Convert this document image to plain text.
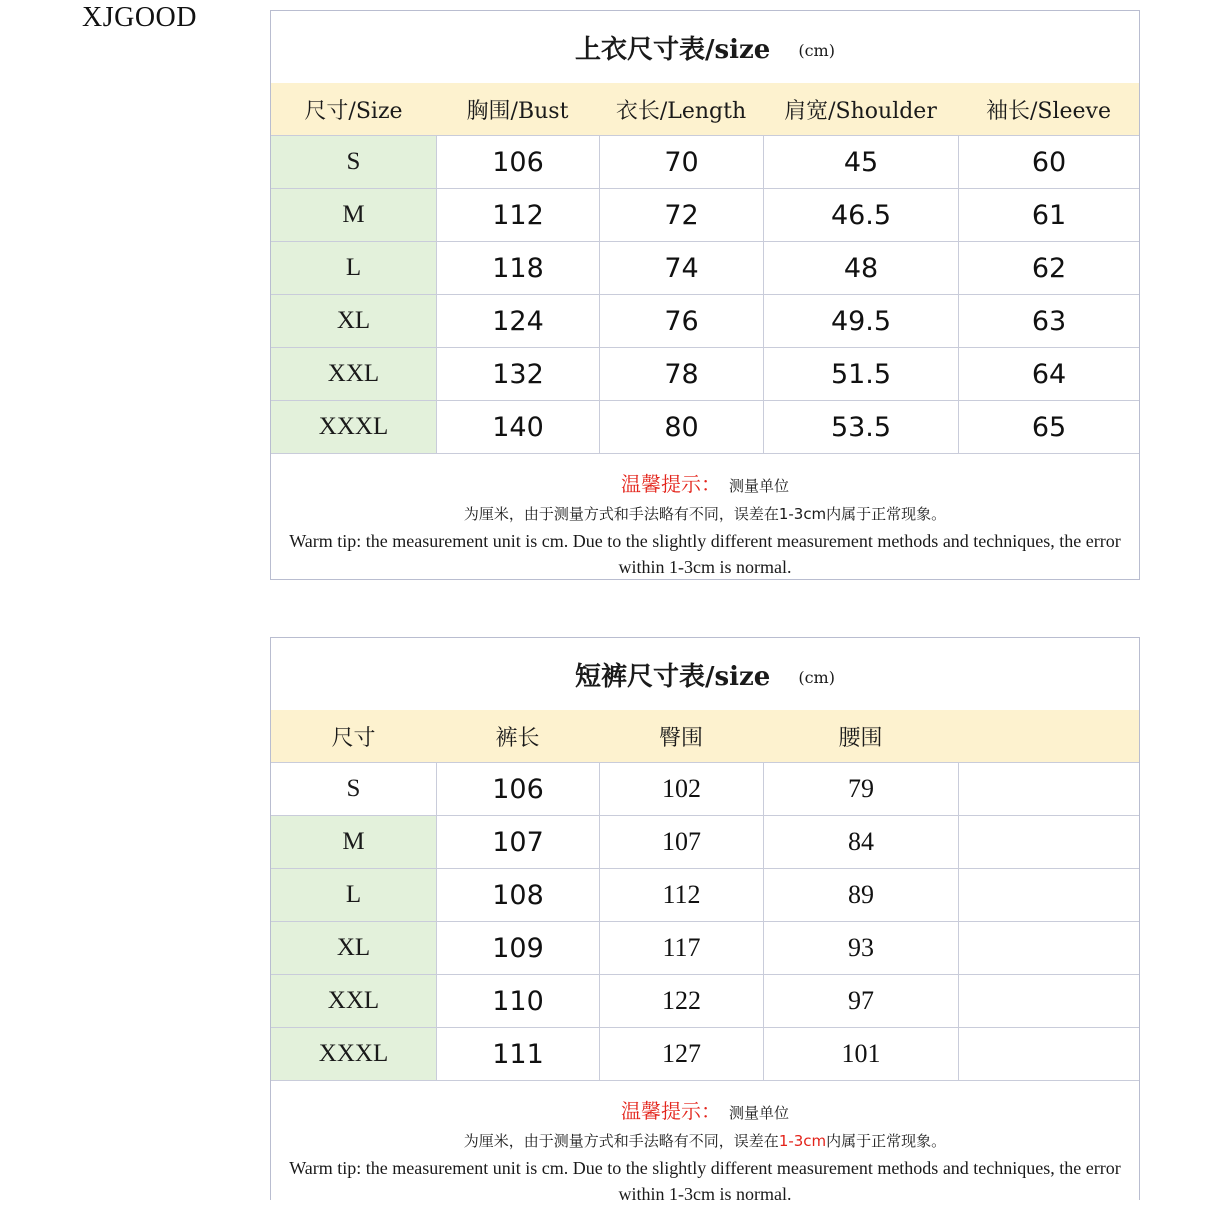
XJGOOD
上衣尺寸表/size (cm)
尺寸/Size	胸围/Bust	衣长/Length	肩宽/Shoulder	袖长/Sleeve
S	106	70	45	60
M	112	72	46.5	61
L	118	74	48	62
XL	124	76	49.5	63
XXL	132	78	51.5	64
XXXL	140	80	53.5	65
温馨提示： 测量单位
为厘米，由于测量方式和手法略有不同，误差在1-3cm内属于正常现象。
Warm tip: the measurement unit is cm. Due to the slightly different measurement methods and techniques, the error within 1-3cm is normal.
短裤尺寸表/size (cm)
尺寸	裤长	臀围	腰围
S	106	102	79
M	107	107	84
L	108	112	89
XL	109	117	93
XXL	110	122	97
XXXL	111	127	101
温馨提示： 测量单位
为厘米，由于测量方式和手法略有不同，误差在1-3cm内属于正常现象。
Warm tip: the measurement unit is cm. Due to the slightly different measurement methods and techniques, the error within 1-3cm is normal.
